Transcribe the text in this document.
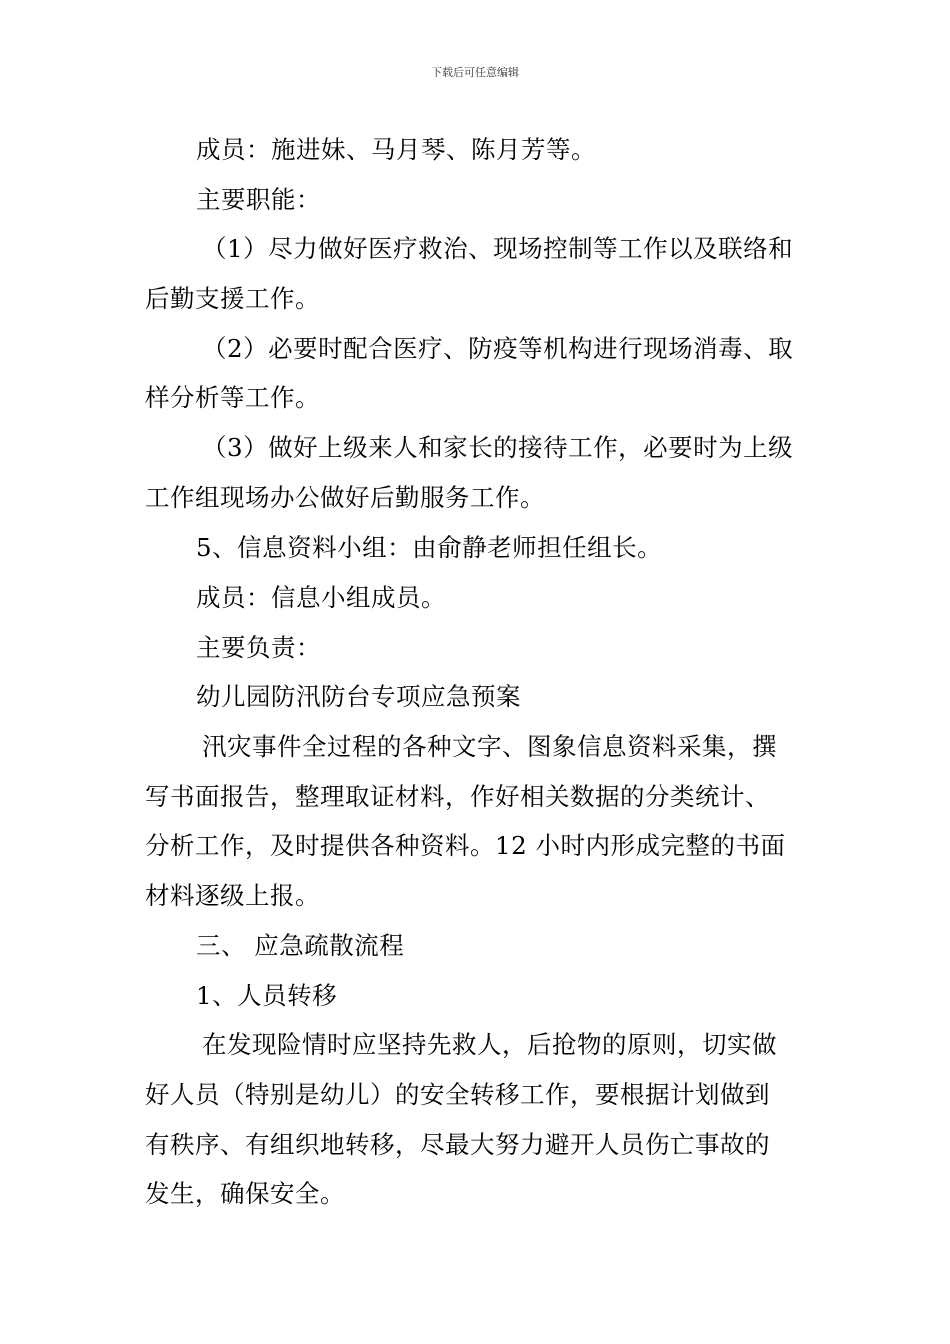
下载后可任意编辑
成员：施进妹、马月琴、陈月芳等。
主要职能：
（1）尽力做好医疗救治、现场控制等工作以及联络和
后勤支援工作。
（2）必要时配合医疗、防疫等机构进行现场消毒、取
样分析等工作。
（3）做好上级来人和家长的接待工作，必要时为上级
工作组现场办公做好后勤服务工作。
5、信息资料小组：由俞静老师担任组长。
成员：信息小组成员。
主要负责：
幼儿园防汛防台专项应急预案
汛灾事件全过程的各种文字、图象信息资料采集，撰
写书面报告，整理取证材料，作好相关数据的分类统计、
分析工作，及时提供各种资料。12 小时内形成完整的书面
材料逐级上报。
三、 应急疏散流程
1、人员转移
在发现险情时应坚持先救人，后抢物的原则，切实做
好人员（特别是幼儿）的安全转移工作，要根据计划做到
有秩序、有组织地转移，尽最大努力避开人员伤亡事故的
发生，确保安全。
